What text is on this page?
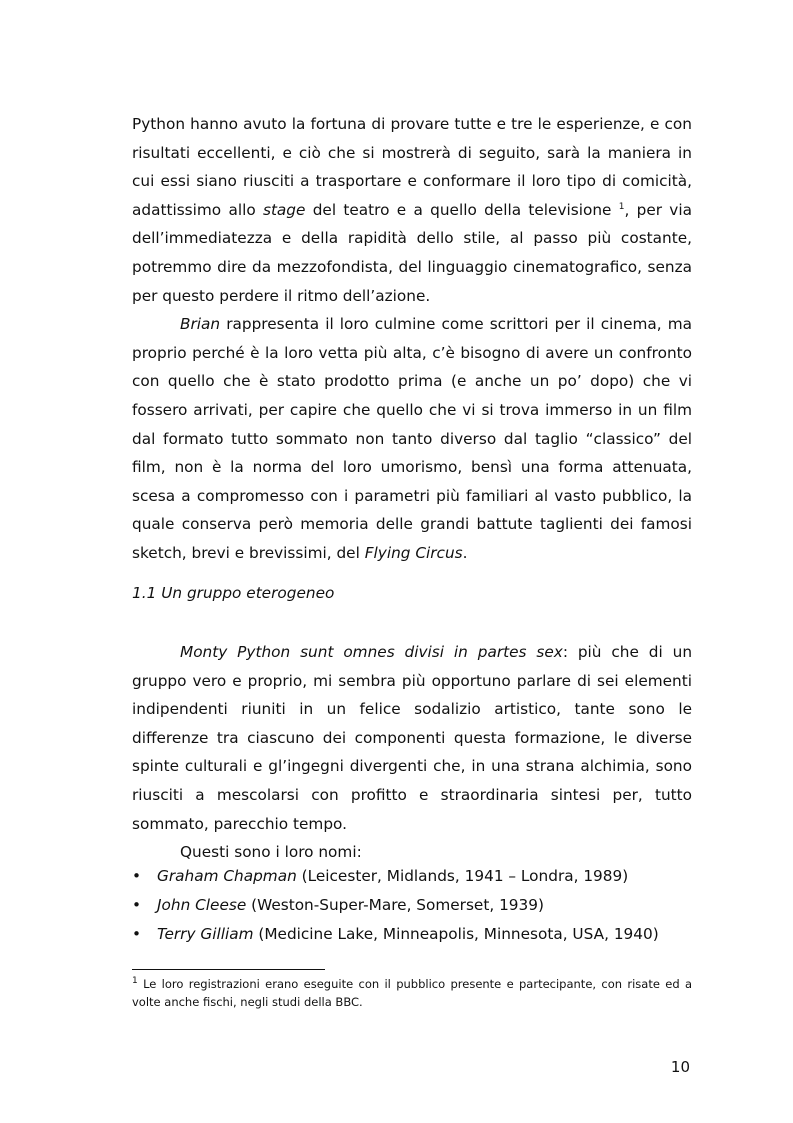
Python hanno avuto la fortuna di provare tutte e tre le esperienze, e con risultati eccellenti, e ciò che si mostrerà di seguito, sarà la maniera in cui essi siano riusciti a trasportare e conformare il loro tipo di comicità, adattissimo allo stage del teatro e a quello della televisione $^1$, per via dell’immediatezza e della rapidità dello stile, al passo più costante, potremmo dire da mezzofondista, del linguaggio cinematografico, senza per questo perdere il ritmo dell’azione.

Brian rappresenta il loro culmine come scrittori per il cinema, ma proprio perché è la loro vetta più alta, c’è bisogno di avere un confronto con quello che è stato prodotto prima (e anche un po’ dopo) che vi fossero arrivati, per capire che quello che vi si trova immerso in un film dal formato tutto sommato non tanto diverso dal taglio “classico” del film, non è la norma del loro umorismo, bensì una forma attenuata, scesa a compromesso con i parametri più familiari al vasto pubblico, la quale conserva però memoria delle grandi battute taglienti dei famosi sketch, brevi e brevissimi, del Flying Circus.

1.1 Un gruppo eterogeneo

Monty Python sunt omnes divisi in partes sex: più che di un gruppo vero e proprio, mi sembra più opportuno parlare di sei elementi indipendenti riuniti in un felice sodalizio artistico, tante sono le differenze tra ciascuno dei componenti questa formazione, le diverse spinte culturali e gl’ingegni divergenti che, in una strana alchimia, sono riusciti a mescolarsi con profitto e straordinaria sintesi per, tutto sommato, parecchio tempo.

Questi sono i loro nomi:

• Graham Chapman (Leicester, Midlands, 1941 – Londra, 1989)
• John Cleese (Weston-Super-Mare, Somerset, 1939)
• Terry Gilliam (Medicine Lake, Minneapolis, Minnesota, USA, 1940)

$^1$ Le loro registrazioni erano eseguite con il pubblico presente e partecipante, con risate ed a volte anche fischi, negli studi della BBC.

10
